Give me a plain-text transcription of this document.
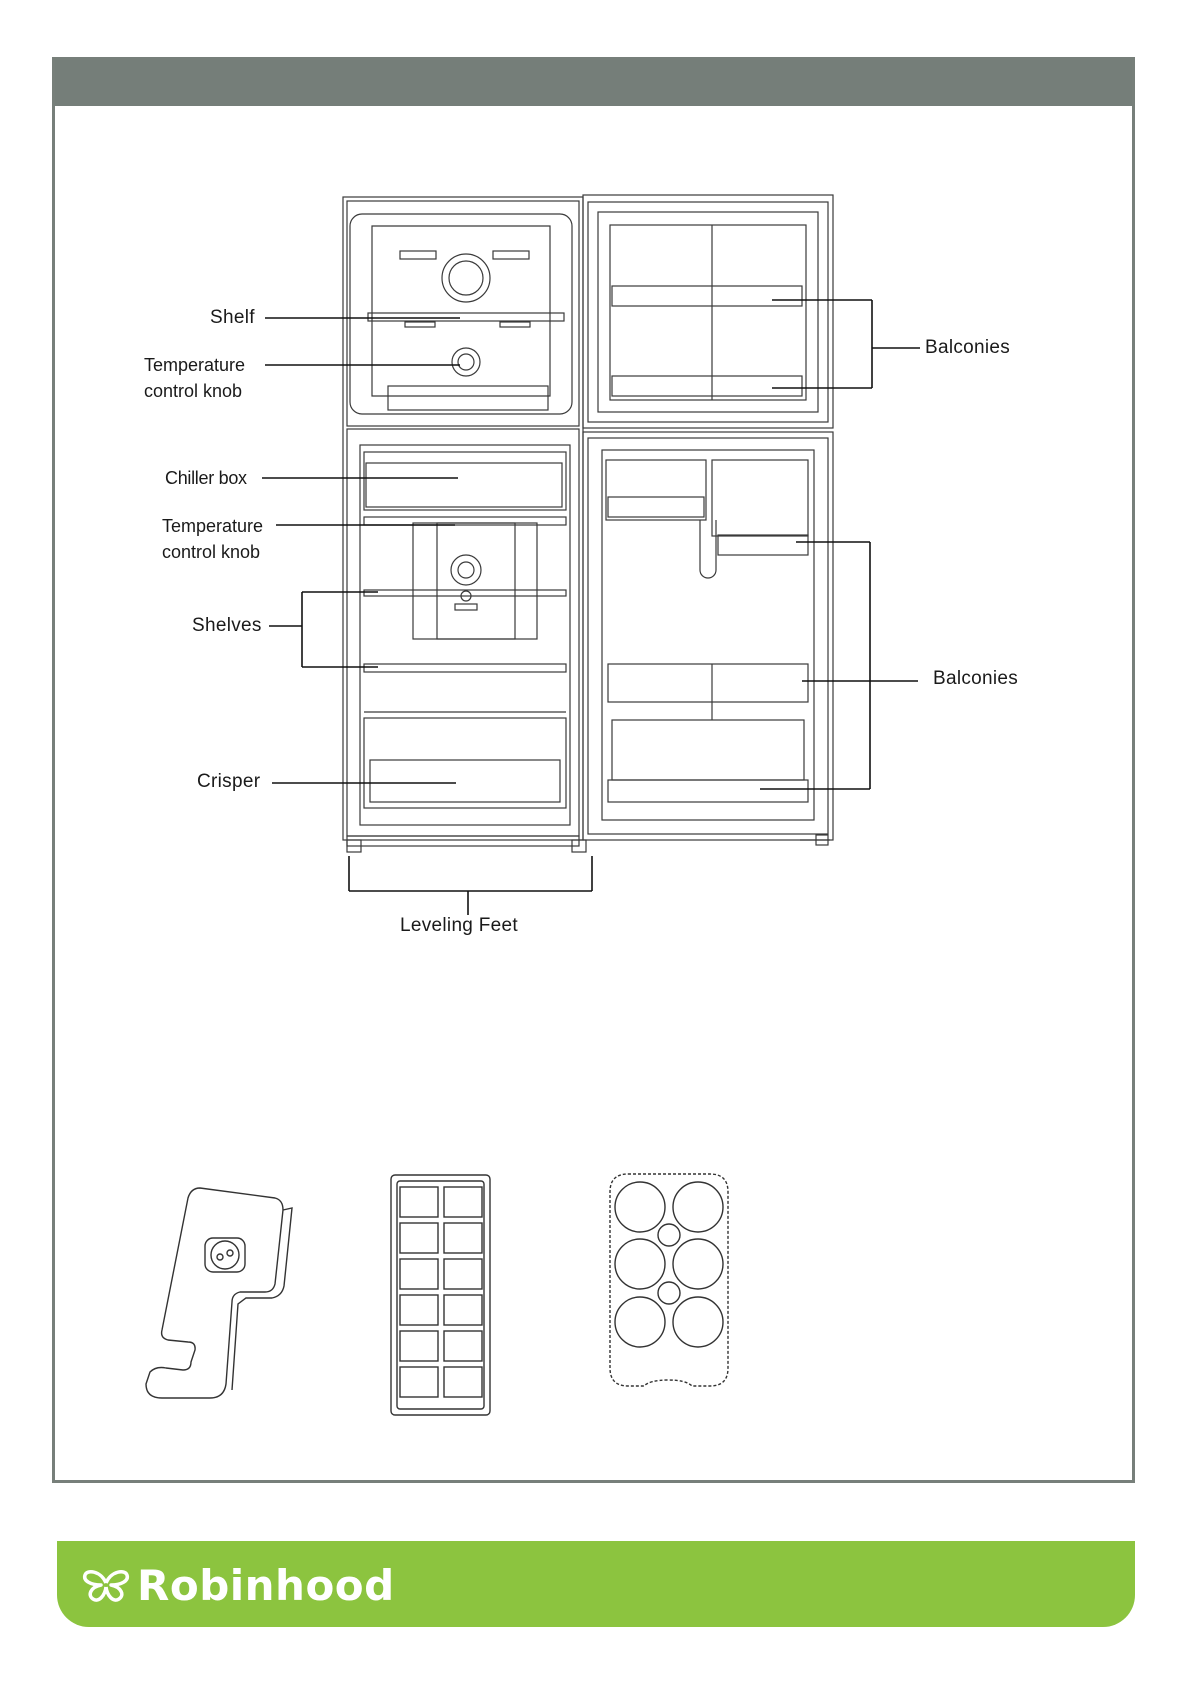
Shelf
Temperature
control knob
Chiller box
Temperature
control knob
Shelves
Crisper
Leveling Feet
Balconies
Balconies
Robinhood
